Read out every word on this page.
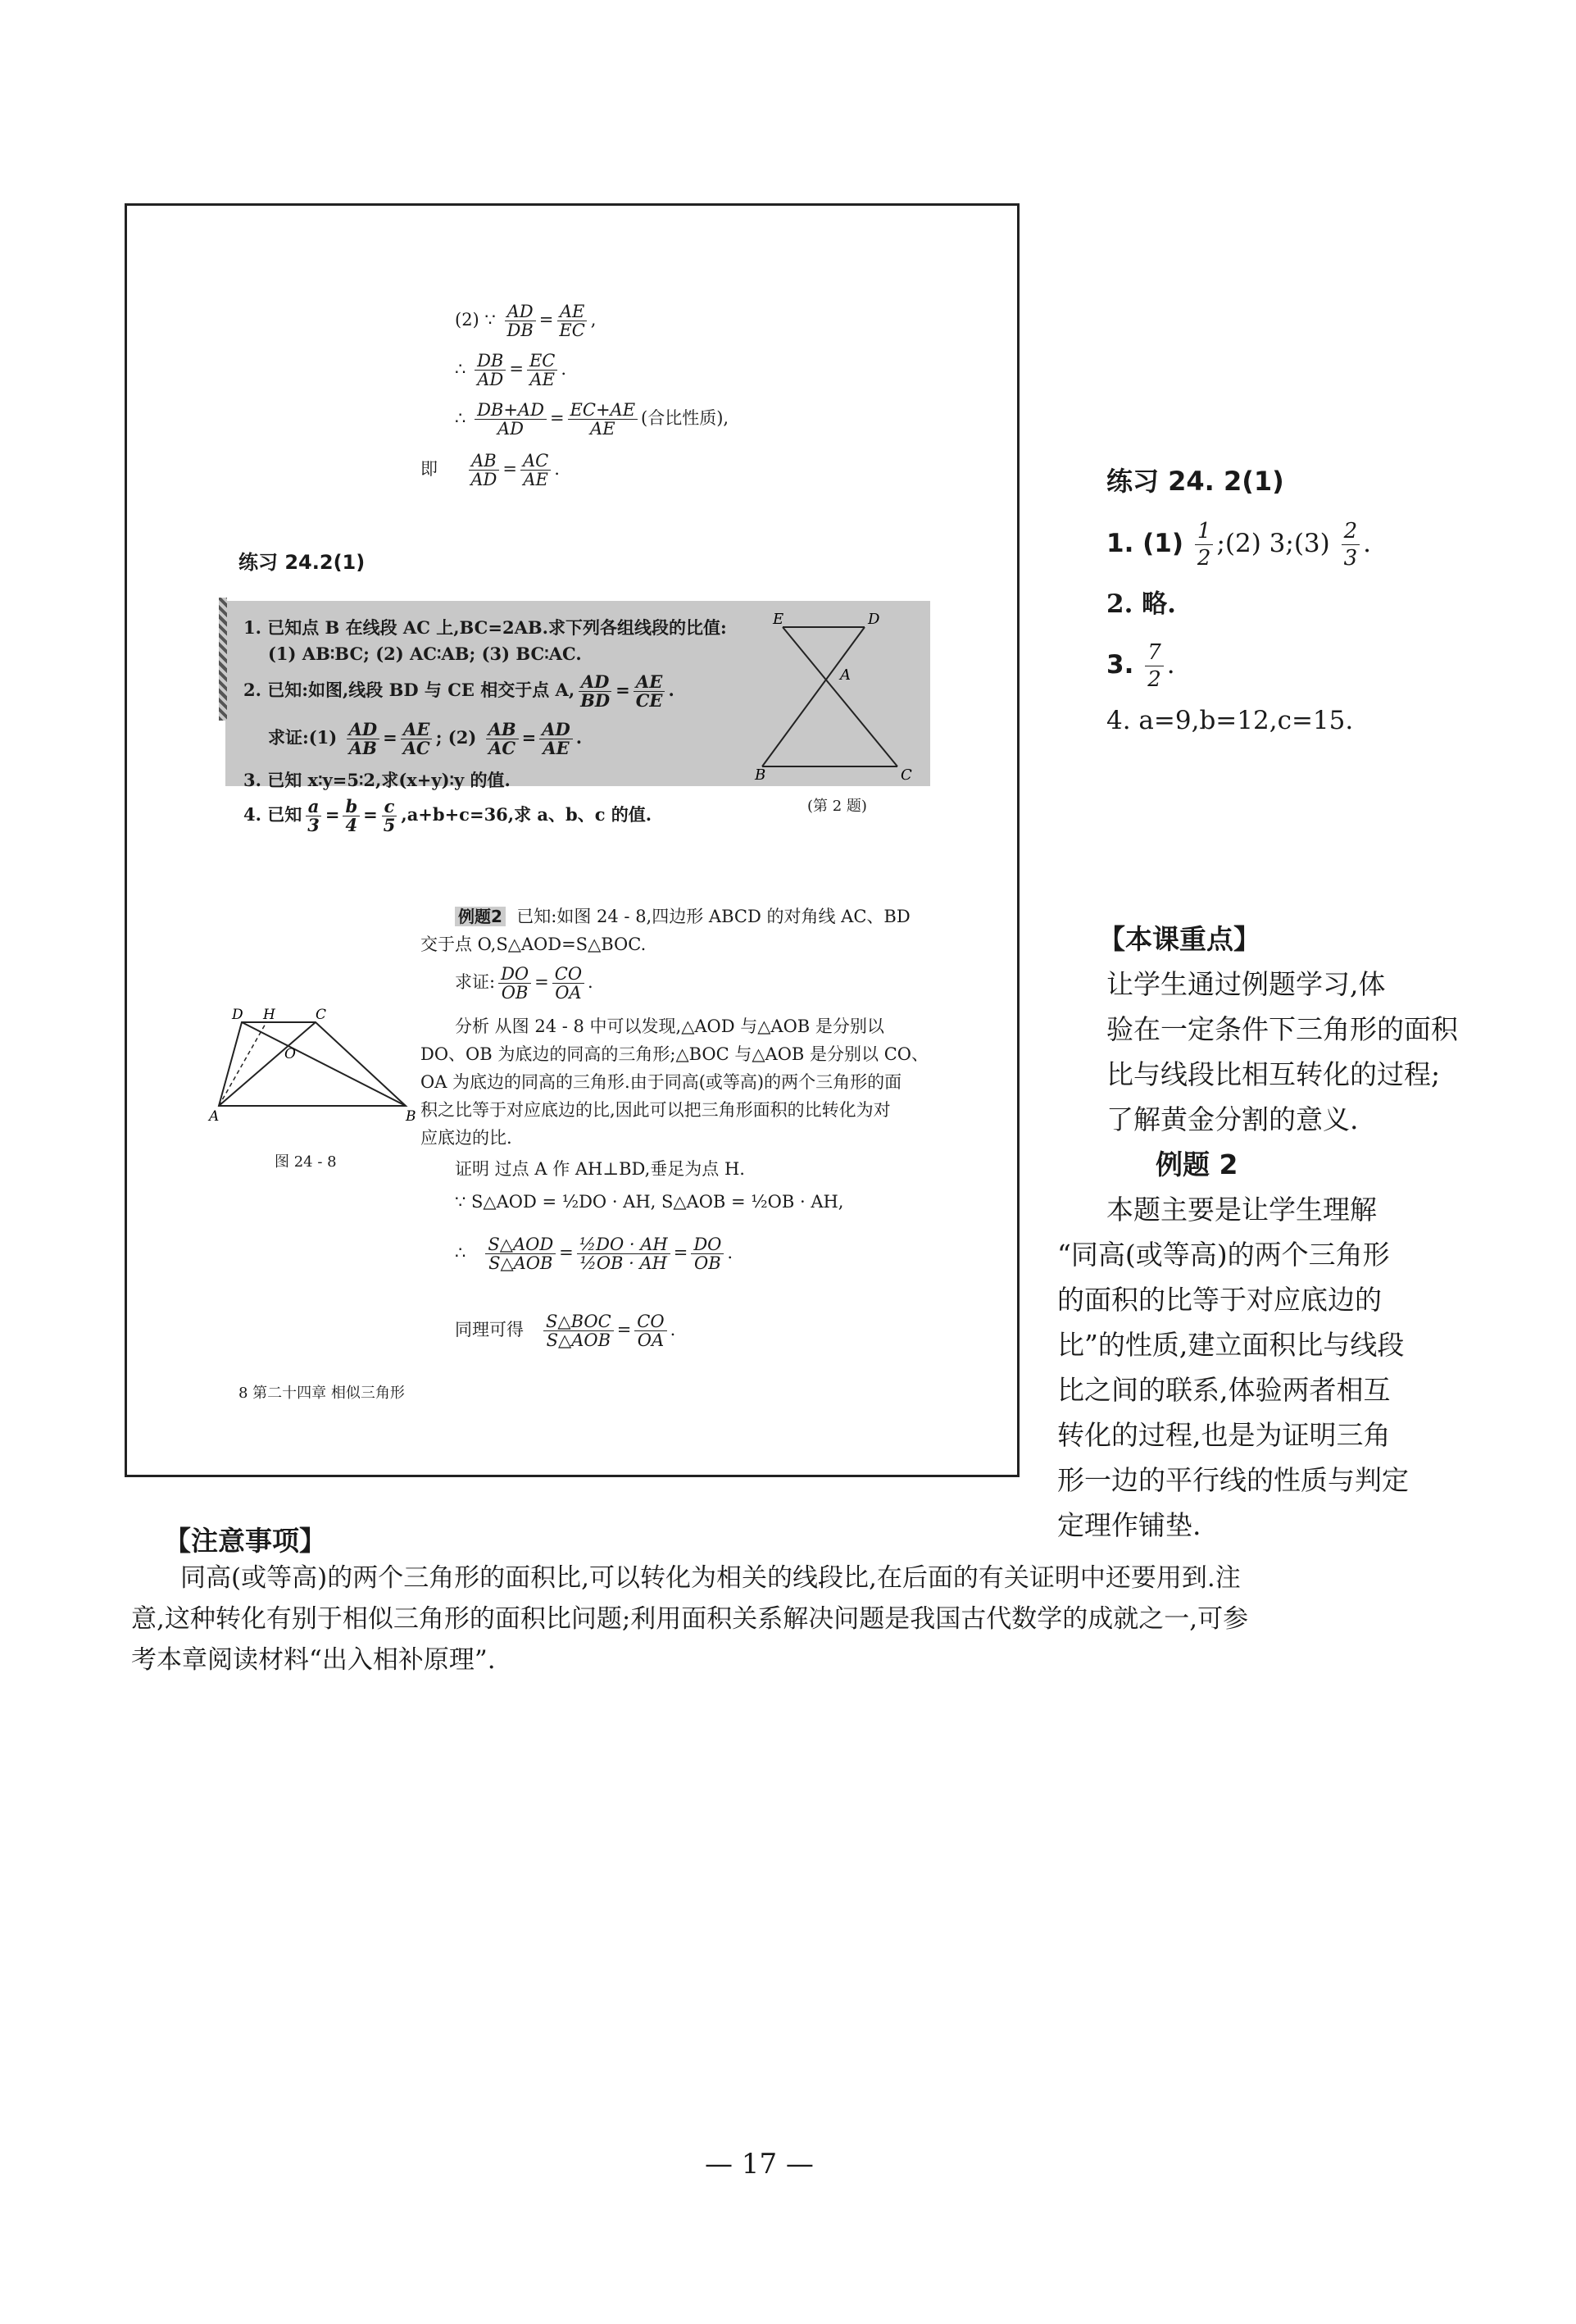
(2) ∵ $\frac{AD}{DB} = \frac{AE}{EC}$ ,
∴ $\frac{DB}{AD} = \frac{EC}{AE}$ .
∴ $\frac{DB+AD}{AD} = \frac{EC+AE}{AE}$ (合比性质),
即 $\frac{AB}{AD} = \frac{AC}{AE}$ .
练习 24.2(1)
1. 已知点 B 在线段 AC 上,BC=2AB.求下列各组线段的比值:
(1) AB∶BC; (2) AC∶AB; (3) BC∶AC.
2. 已知:如图,线段 BD 与 CE 相交于点 A, $\frac{AD}{BD} = \frac{AE}{CE}$ .
求证:(1) $\frac{AD}{AB} = \frac{AE}{AC}$ ; $(2) \frac{AB}{AC} = \frac{AD}{AE}$ .
3. 已知 x∶y=5∶2,求(x+y)∶y 的值.
4. 已知 $\frac{a}{3} = \frac{b}{4} = \frac{c}{5} ,a+b+c=36$,求 a、b、c 的值.
E	D
A
B	C
(第 2 题)
例题2 已知:如图 24 - 8,四边形 ABCD 的对角线 AC、BD
交于点 O,S△AOD=S△BOC.
求证: $\frac{DO}{OB} = \frac{CO}{OA}$ .
分析 从图 24 - 8 中可以发现,△AOD 与△AOB 是分别以
DO、OB 为底边的同高的三角形;△BOC 与△AOB 是分别以 CO、
OA 为底边的同高的三角形.由于同高(或等高)的两个三角形的面
积之比等于对应底边的比,因此可以把三角形面积的比转化为对
应底边的比.
证明 过点 A 作 AH⊥BD,垂足为点 H.
∵ S△AOD = ½DO · AH, S△AOB = ½OB · AH,
∴ $\frac{\text{S△AOD}}{\text{S△AOB}} = \frac{\text{½DO · AH}}{\text{½OB · AH}} = \frac{DO}{OB}$ .
同理可得 $\frac{\text{S△BOC}}{\text{S△AOB}} = \frac{CO}{OA}$ .
D H	C
O
A	B
图 24 - 8
8 第二十四章 相似三角形
练习 24. 2(1)
1. $(1) \frac{1}{2}$ ;(2) 3;(3) $\frac{2}{3}$ .
2. 略.
3. $\frac{7}{2}$ .
4. a=9,b=12,c=15.
【本课重点】
让学生通过例题学习,体
验在一定条件下三角形的面积
比与线段比相互转化的过程;
了解黄金分割的意义.
例题 2
本题主要是让学生理解
“同高(或等高)的两个三角形
的面积的比等于对应底边的
比”的性质,建立面积比与线段
比之间的联系,体验两者相互
转化的过程,也是为证明三角
形一边的平行线的性质与判定
定理作铺垫.
【注意事项】
同高(或等高)的两个三角形的面积比,可以转化为相关的线段比,在后面的有关证明中还要用到.注
意,这种转化有别于相似三角形的面积比问题;利用面积关系解决问题是我国古代数学的成就之一,可参
考本章阅读材料“出入相补原理”.
— 17 —
